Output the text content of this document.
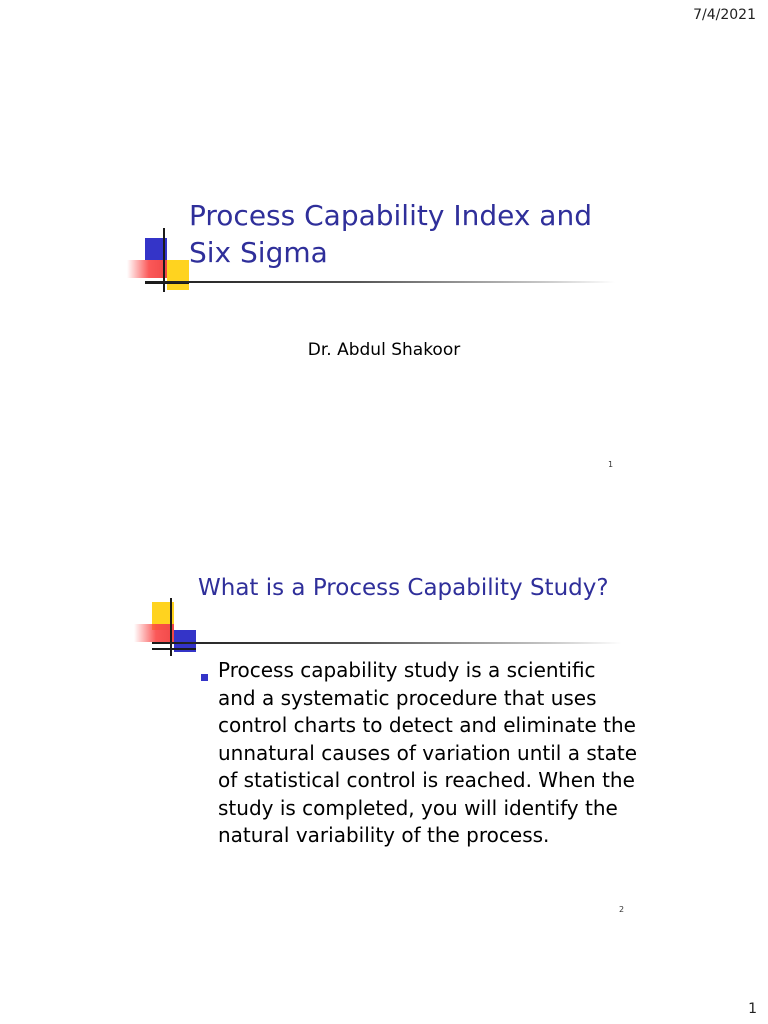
7/4/2021
Process Capability Index and Six Sigma
Dr. Abdul Shakoor
1
What is a Process Capability Study?
Process capability study is a scientific and a systematic procedure that uses control charts to detect and eliminate the unnatural causes of variation until a state of statistical control is reached. When the study is completed, you will identify the natural variability of the process.
2
1
